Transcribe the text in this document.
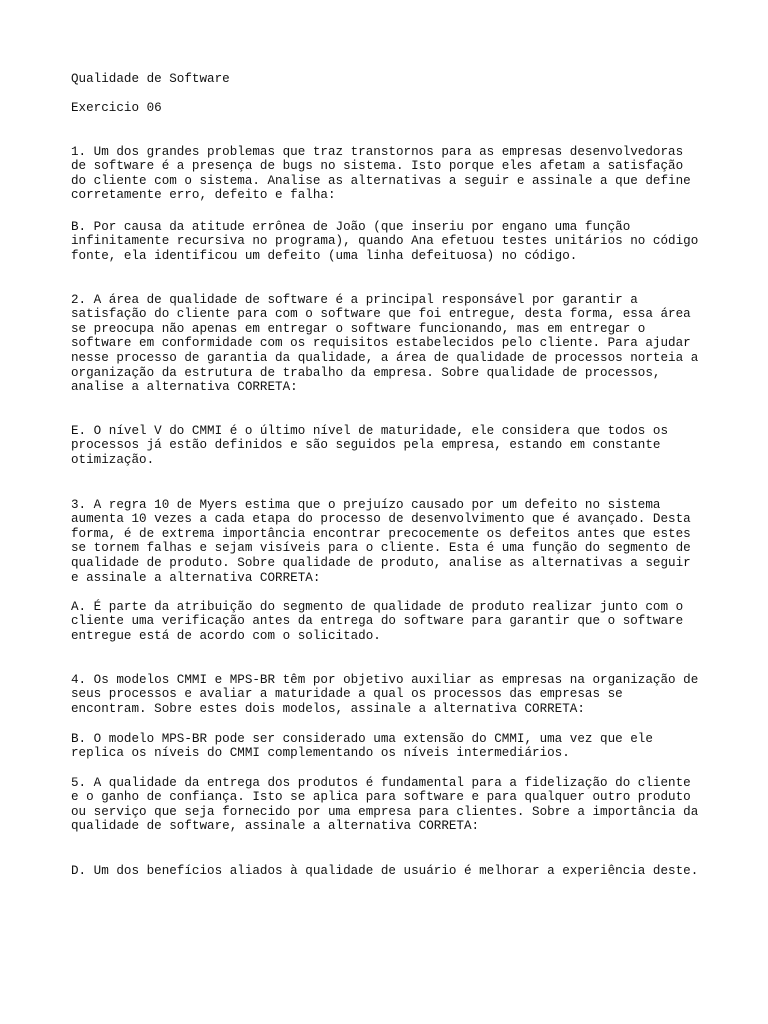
Qualidade de Software

Exercicio 06

1. Um dos grandes problemas que traz transtornos para as empresas desenvolvedoras
de software é a presença de bugs no sistema. Isto porque eles afetam a satisfação
do cliente com o sistema. Analise as alternativas a seguir e assinale a que define
corretamente erro, defeito e falha:

B. Por causa da atitude errônea de João (que inseriu por engano uma função
infinitamente recursiva no programa), quando Ana efetuou testes unitários no código
fonte, ela identificou um defeito (uma linha defeituosa) no código.

2. A área de qualidade de software é a principal responsável por garantir a
satisfação do cliente para com o software que foi entregue, desta forma, essa área
se preocupa não apenas em entregar o software funcionando, mas em entregar o
software em conformidade com os requisitos estabelecidos pelo cliente. Para ajudar
nesse processo de garantia da qualidade, a área de qualidade de processos norteia a
organização da estrutura de trabalho da empresa. Sobre qualidade de processos,
analise a alternativa CORRETA:

E. O nível V do CMMI é o último nível de maturidade, ele considera que todos os
processos já estão definidos e são seguidos pela empresa, estando em constante
otimização.

3. A regra 10 de Myers estima que o prejuízo causado por um defeito no sistema
aumenta 10 vezes a cada etapa do processo de desenvolvimento que é avançado. Desta
forma, é de extrema importância encontrar precocemente os defeitos antes que estes
se tornem falhas e sejam visíveis para o cliente. Esta é uma função do segmento de
qualidade de produto. Sobre qualidade de produto, analise as alternativas a seguir
e assinale a alternativa CORRETA:

A. É parte da atribuição do segmento de qualidade de produto realizar junto com o
cliente uma verificação antes da entrega do software para garantir que o software
entregue está de acordo com o solicitado.

4. Os modelos CMMI e MPS-BR têm por objetivo auxiliar as empresas na organização de
seus processos e avaliar a maturidade a qual os processos das empresas se
encontram. Sobre estes dois modelos, assinale a alternativa CORRETA:

B. O modelo MPS-BR pode ser considerado uma extensão do CMMI, uma vez que ele
replica os níveis do CMMI complementando os níveis intermediários.

5. A qualidade da entrega dos produtos é fundamental para a fidelização do cliente
e o ganho de confiança. Isto se aplica para software e para qualquer outro produto
ou serviço que seja fornecido por uma empresa para clientes. Sobre a importância da
qualidade de software, assinale a alternativa CORRETA:

D. Um dos benefícios aliados à qualidade de usuário é melhorar a experiência deste.
